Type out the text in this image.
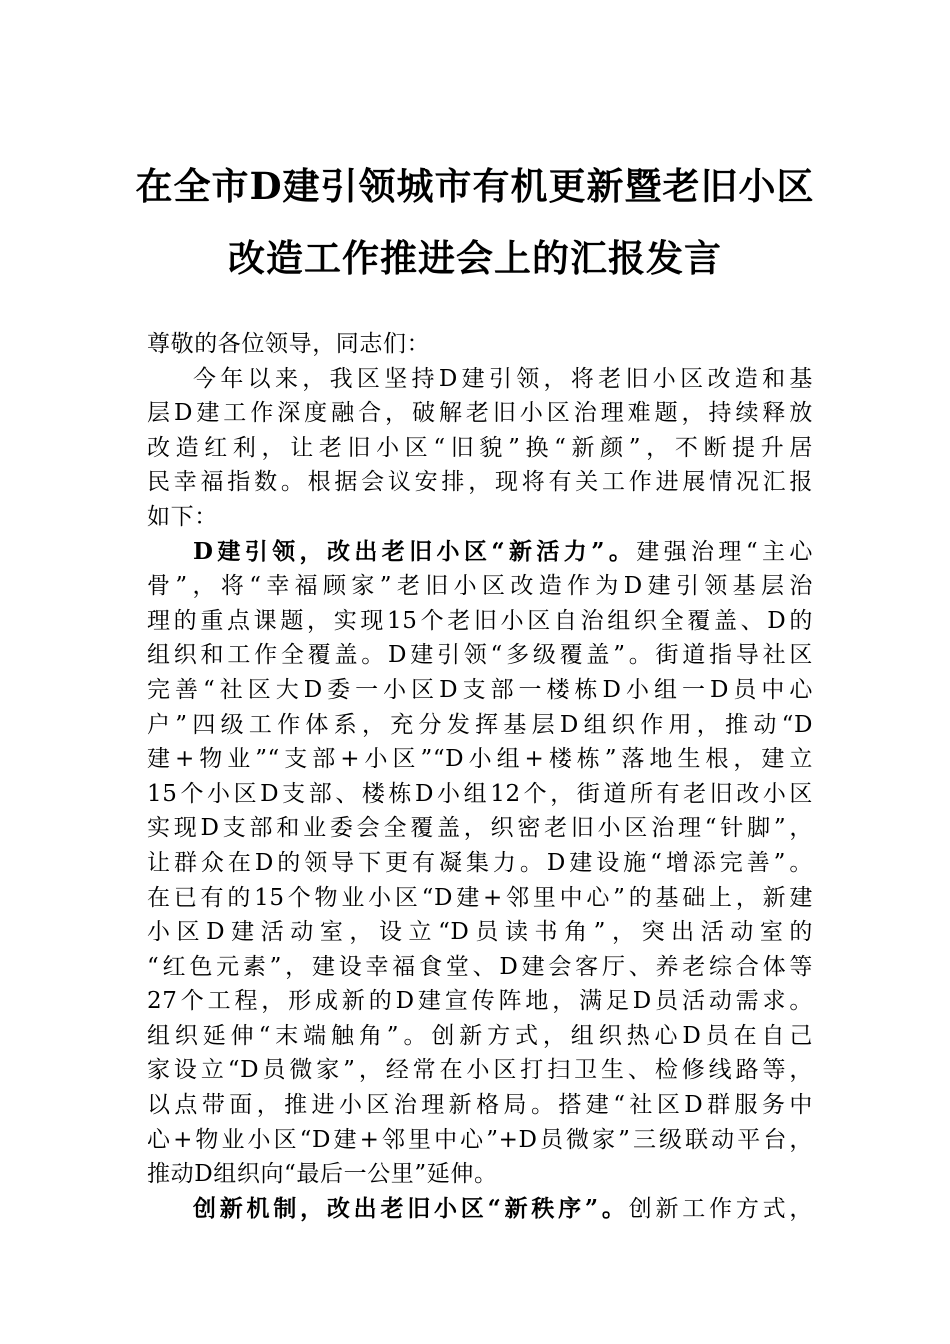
在全市D建引领城市有机更新暨老旧小区
改造工作推进会上的汇报发言
尊敬的各位领导，同志们：
今年以来，我区坚持D建引领，将老旧小区改造和基
层D建工作深度融合，破解老旧小区治理难题，持续释放
改造红利，让老旧小区“旧貌”换“新颜”，不断提升居
民幸福指数。根据会议安排，现将有关工作进展情况汇报
如下：
D建引领，改出老旧小区“新活力”。建强治理“主心
骨”，将“幸福顾家”老旧小区改造作为D建引领基层治
理的重点课题，实现15个老旧小区自治组织全覆盖、D的
组织和工作全覆盖。D建引领“多级覆盖”。街道指导社区
完善“社区大D委一小区D支部一楼栋D小组一D员中心
户”四级工作体系，充分发挥基层D组织作用，推动“D
建+物业”“支部+小区”“D小组+楼栋”落地生根，建立
15个小区D支部、楼栋D小组12个，街道所有老旧改小区
实现D支部和业委会全覆盖，织密老旧小区治理“针脚”，
让群众在D的领导下更有凝集力。D建设施“增添完善”。
在已有的15个物业小区“D建+邻里中心”的基础上，新建
小区D建活动室，设立“D员读书角”，突出活动室的
“红色元素”，建设幸福食堂、D建会客厅、养老综合体等
27个工程，形成新的D建宣传阵地，满足D员活动需求。
组织延伸“末端触角”。创新方式，组织热心D员在自己
家设立“D员微家”，经常在小区打扫卫生、检修线路等，
以点带面，推进小区治理新格局。搭建“社区D群服务中
心+物业小区“D建+邻里中心”+D员微家”三级联动平台，
推动D组织向“最后一公里”延伸。
创新机制，改出老旧小区“新秩序”。创新工作方式，
